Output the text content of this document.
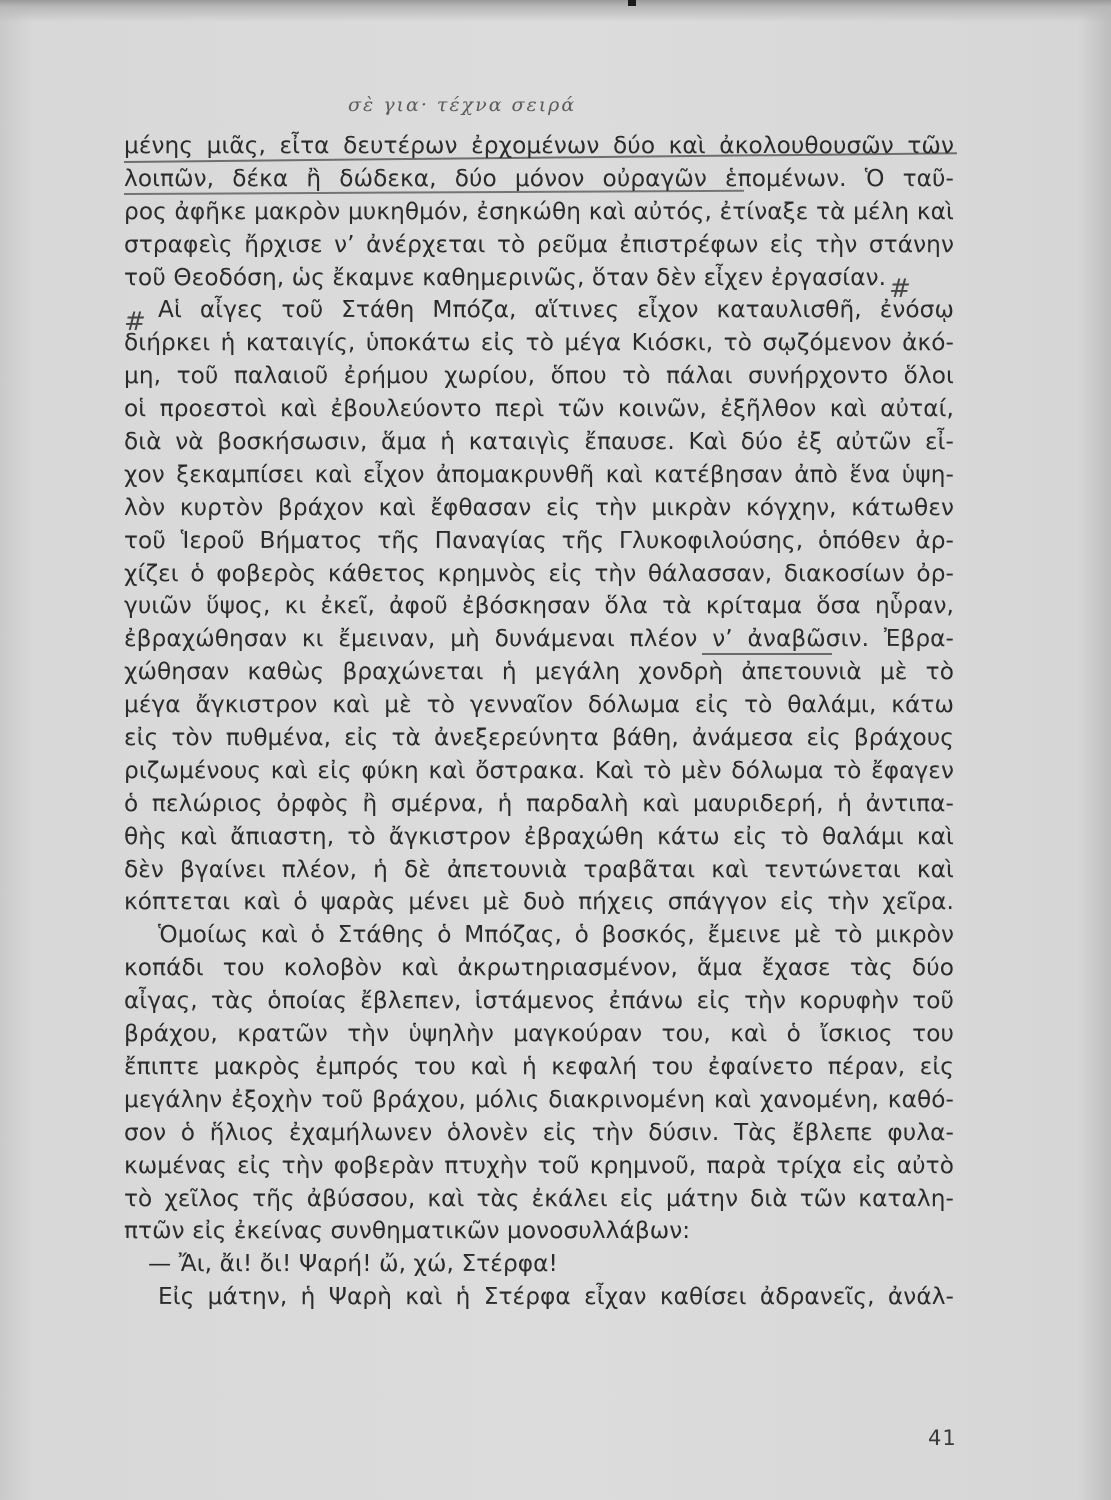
σὲ για· τέχνα σειρά
#
#
μένης μιᾶς, εἶτα δευτέρων ἐρχομένων δύο καὶ ἀκολουθουσῶν τῶν
λοιπῶν, δέκα ἢ δώδεκα, δύο μόνον οὐραγῶν ἑπομένων. Ὁ ταῦ-
ρος ἀφῆκε μακρὸν μυκηθμόν, ἐσηκώθη καὶ αὐτός, ἐτίναξε τὰ μέλη καὶ
στραφεὶς ἤρχισε ν’ ἀνέρχεται τὸ ρεῦμα ἐπιστρέφων εἰς τὴν στάνην
τοῦ Θεοδόση, ὡς ἔκαμνε καθημερινῶς, ὅταν δὲν εἶχεν ἐργασίαν.
Αἱ αἶγες τοῦ Στάθη Μπόζα, αἵτινες εἶχον καταυλισθῆ, ἐνόσῳ
διήρκει ἡ καταιγίς, ὑποκάτω εἰς τὸ μέγα Κιόσκι, τὸ σῳζόμενον ἀκό-
μη, τοῦ παλαιοῦ ἐρήμου χωρίου, ὅπου τὸ πάλαι συνήρχοντο ὅλοι
οἱ προεστοὶ καὶ ἐβουλεύοντο περὶ τῶν κοινῶν, ἐξῆλθον καὶ αὐταί,
διὰ νὰ βοσκήσωσιν, ἅμα ἡ καταιγὶς ἔπαυσε. Καὶ δύο ἐξ αὐτῶν εἶ-
χον ξεκαμπίσει καὶ εἶχον ἀπομακρυνθῆ καὶ κατέβησαν ἀπὸ ἕνα ὑψη-
λὸν κυρτὸν βράχον καὶ ἔφθασαν εἰς τὴν μικρὰν κόγχην, κάτωθεν
τοῦ Ἱεροῦ Βήματος τῆς Παναγίας τῆς Γλυκοφιλούσης, ὁπόθεν ἀρ-
χίζει ὁ φοβερὸς κάθετος κρημνὸς εἰς τὴν θάλασσαν, διακοσίων ὀρ-
γυιῶν ὕψος, κι ἐκεῖ, ἀφοῦ ἐβόσκησαν ὅλα τὰ κρίταμα ὅσα ηὗραν,
ἐβραχώθησαν κι ἔμειναν, μὴ δυνάμεναι πλέον ν’ ἀναβῶσιν. Ἐβρα-
χώθησαν καθὼς βραχώνεται ἡ μεγάλη χονδρὴ ἀπετουνιὰ μὲ τὸ
μέγα ἄγκιστρον καὶ μὲ τὸ γενναῖον δόλωμα εἰς τὸ θαλάμι, κάτω
εἰς τὸν πυθμένα, εἰς τὰ ἀνεξερεύνητα βάθη, ἀνάμεσα εἰς βράχους
ριζωμένους καὶ εἰς φύκη καὶ ὄστρακα. Καὶ τὸ μὲν δόλωμα τὸ ἔφαγεν
ὁ πελώριος ὀρφὸς ἢ σμέρνα, ἡ παρδαλὴ καὶ μαυριδερή, ἡ ἀντιπα-
θὴς καὶ ἄπιαστη, τὸ ἄγκιστρον ἐβραχώθη κάτω εἰς τὸ θαλάμι καὶ
δὲν βγαίνει πλέον, ἡ δὲ ἀπετουνιὰ τραβᾶται καὶ τεντώνεται καὶ
κόπτεται καὶ ὁ ψαρὰς μένει μὲ δυὸ πήχεις σπάγγον εἰς τὴν χεῖρα.
Ὁμοίως καὶ ὁ Στάθης ὁ Μπόζας, ὁ βοσκός, ἔμεινε μὲ τὸ μικρὸν
κοπάδι του κολοβὸν καὶ ἀκρωτηριασμένον, ἅμα ἔχασε τὰς δύο
αἶγας, τὰς ὁποίας ἔβλεπεν, ἱστάμενος ἐπάνω εἰς τὴν κορυφὴν τοῦ
βράχου, κρατῶν τὴν ὑψηλὴν μαγκούραν του, καὶ ὁ ἴσκιος του
ἔπιπτε μακρὸς ἐμπρός του καὶ ἡ κεφαλή του ἐφαίνετο πέραν, εἰς
μεγάλην ἐξοχὴν τοῦ βράχου, μόλις διακρινομένη καὶ χανομένη, καθό-
σον ὁ ἥλιος ἐχαμήλωνεν ὁλονὲν εἰς τὴν δύσιν. Τὰς ἔβλεπε φυλα-
κωμένας εἰς τὴν φοβερὰν πτυχὴν τοῦ κρημνοῦ, παρὰ τρίχα εἰς αὐτὸ
τὸ χεῖλος τῆς ἀβύσσου, καὶ τὰς ἐκάλει εἰς μάτην διὰ τῶν καταλη-
πτῶν εἰς ἐκείνας συνθηματικῶν μονοσυλλάβων:
— Ἄι, ἄι! ὄι! Ψαρή! ὤ, χώ, Στέρφα!
Εἰς μάτην, ἡ Ψαρὴ καὶ ἡ Στέρφα εἶχαν καθίσει ἀδρανεῖς, ἀνάλ-
41
